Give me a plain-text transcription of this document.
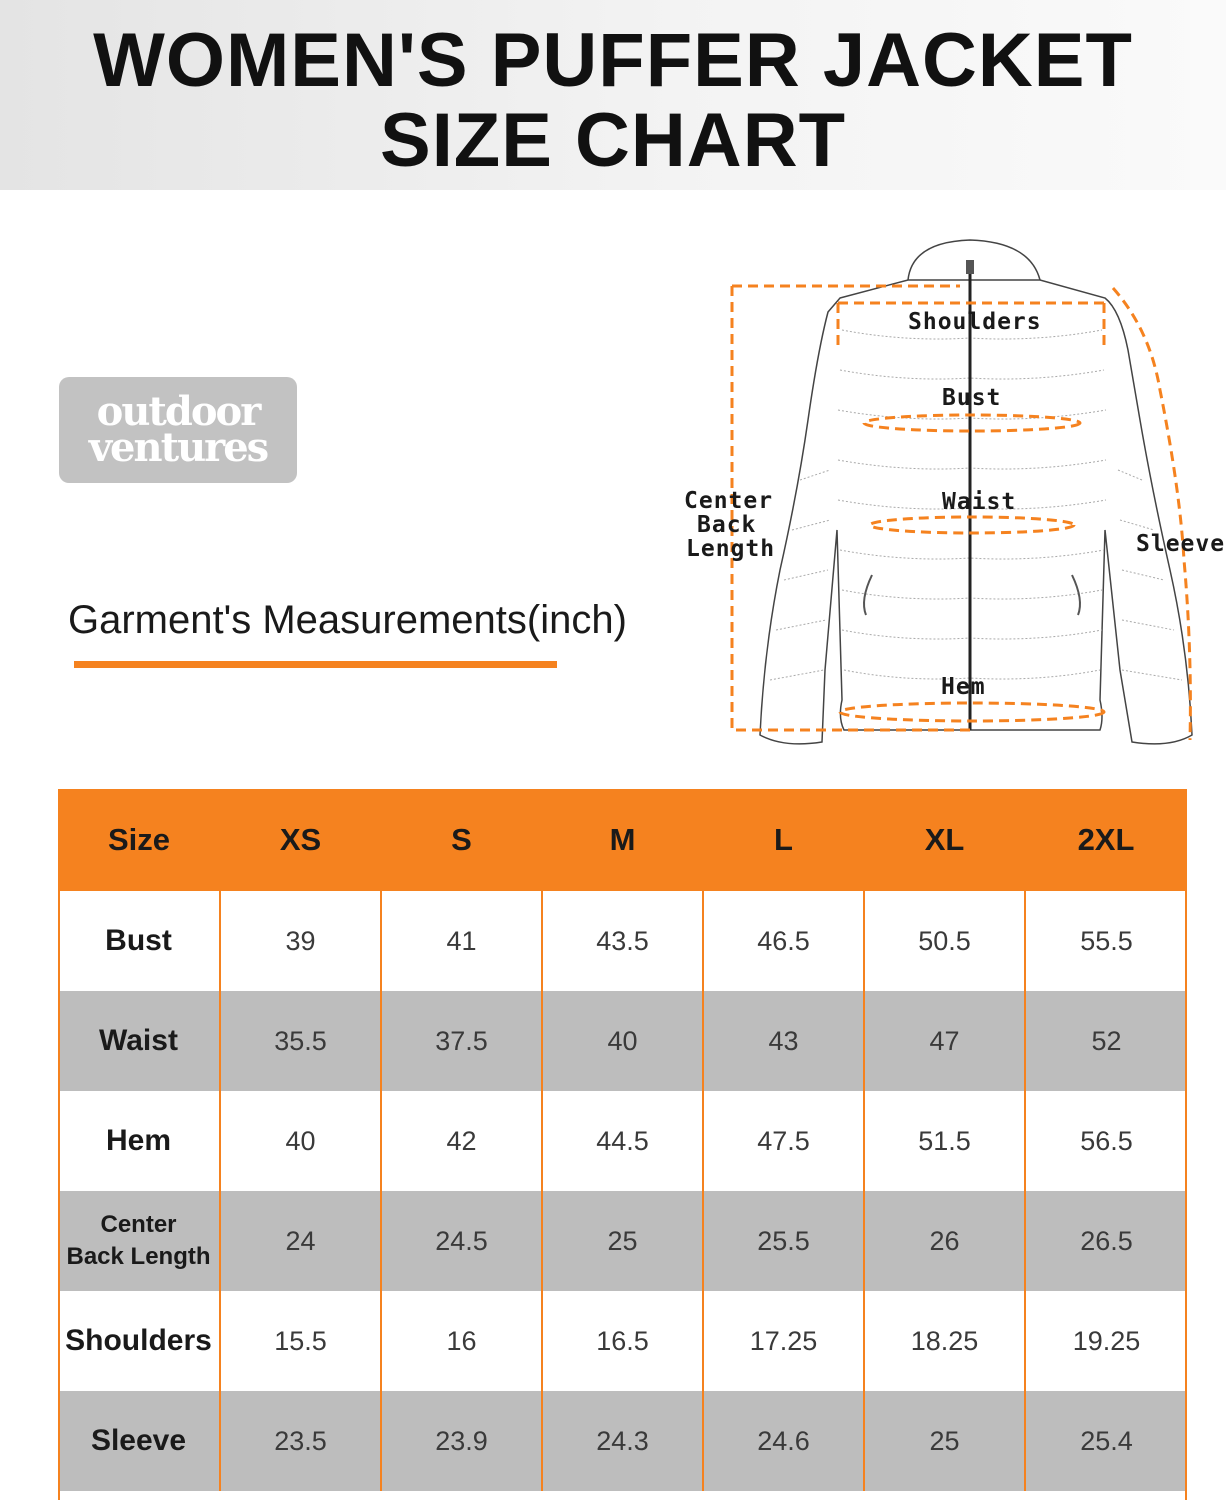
WOMEN'S PUFFER JACKET
SIZE CHART
outdoor
ventures
Garment's Measurements(inch)
Shoulders
Bust
Waist
Center
Back
Length	Sleeve
Hem
Size	XS	S	M	L	XL	2XL
Bust	39	41	43.5	46.5	50.5	55.5
Waist	35.5	37.5	40	43	47	52
Hem	40	42	44.5	47.5	51.5	56.5

Center
Back Length	24	24.5	25	25.5	26	26.5
Shoulders	15.5	16	16.5	17.25	18.25	19.25
Sleeve	23.5	23.9	24.3	24.6	25	25.4
